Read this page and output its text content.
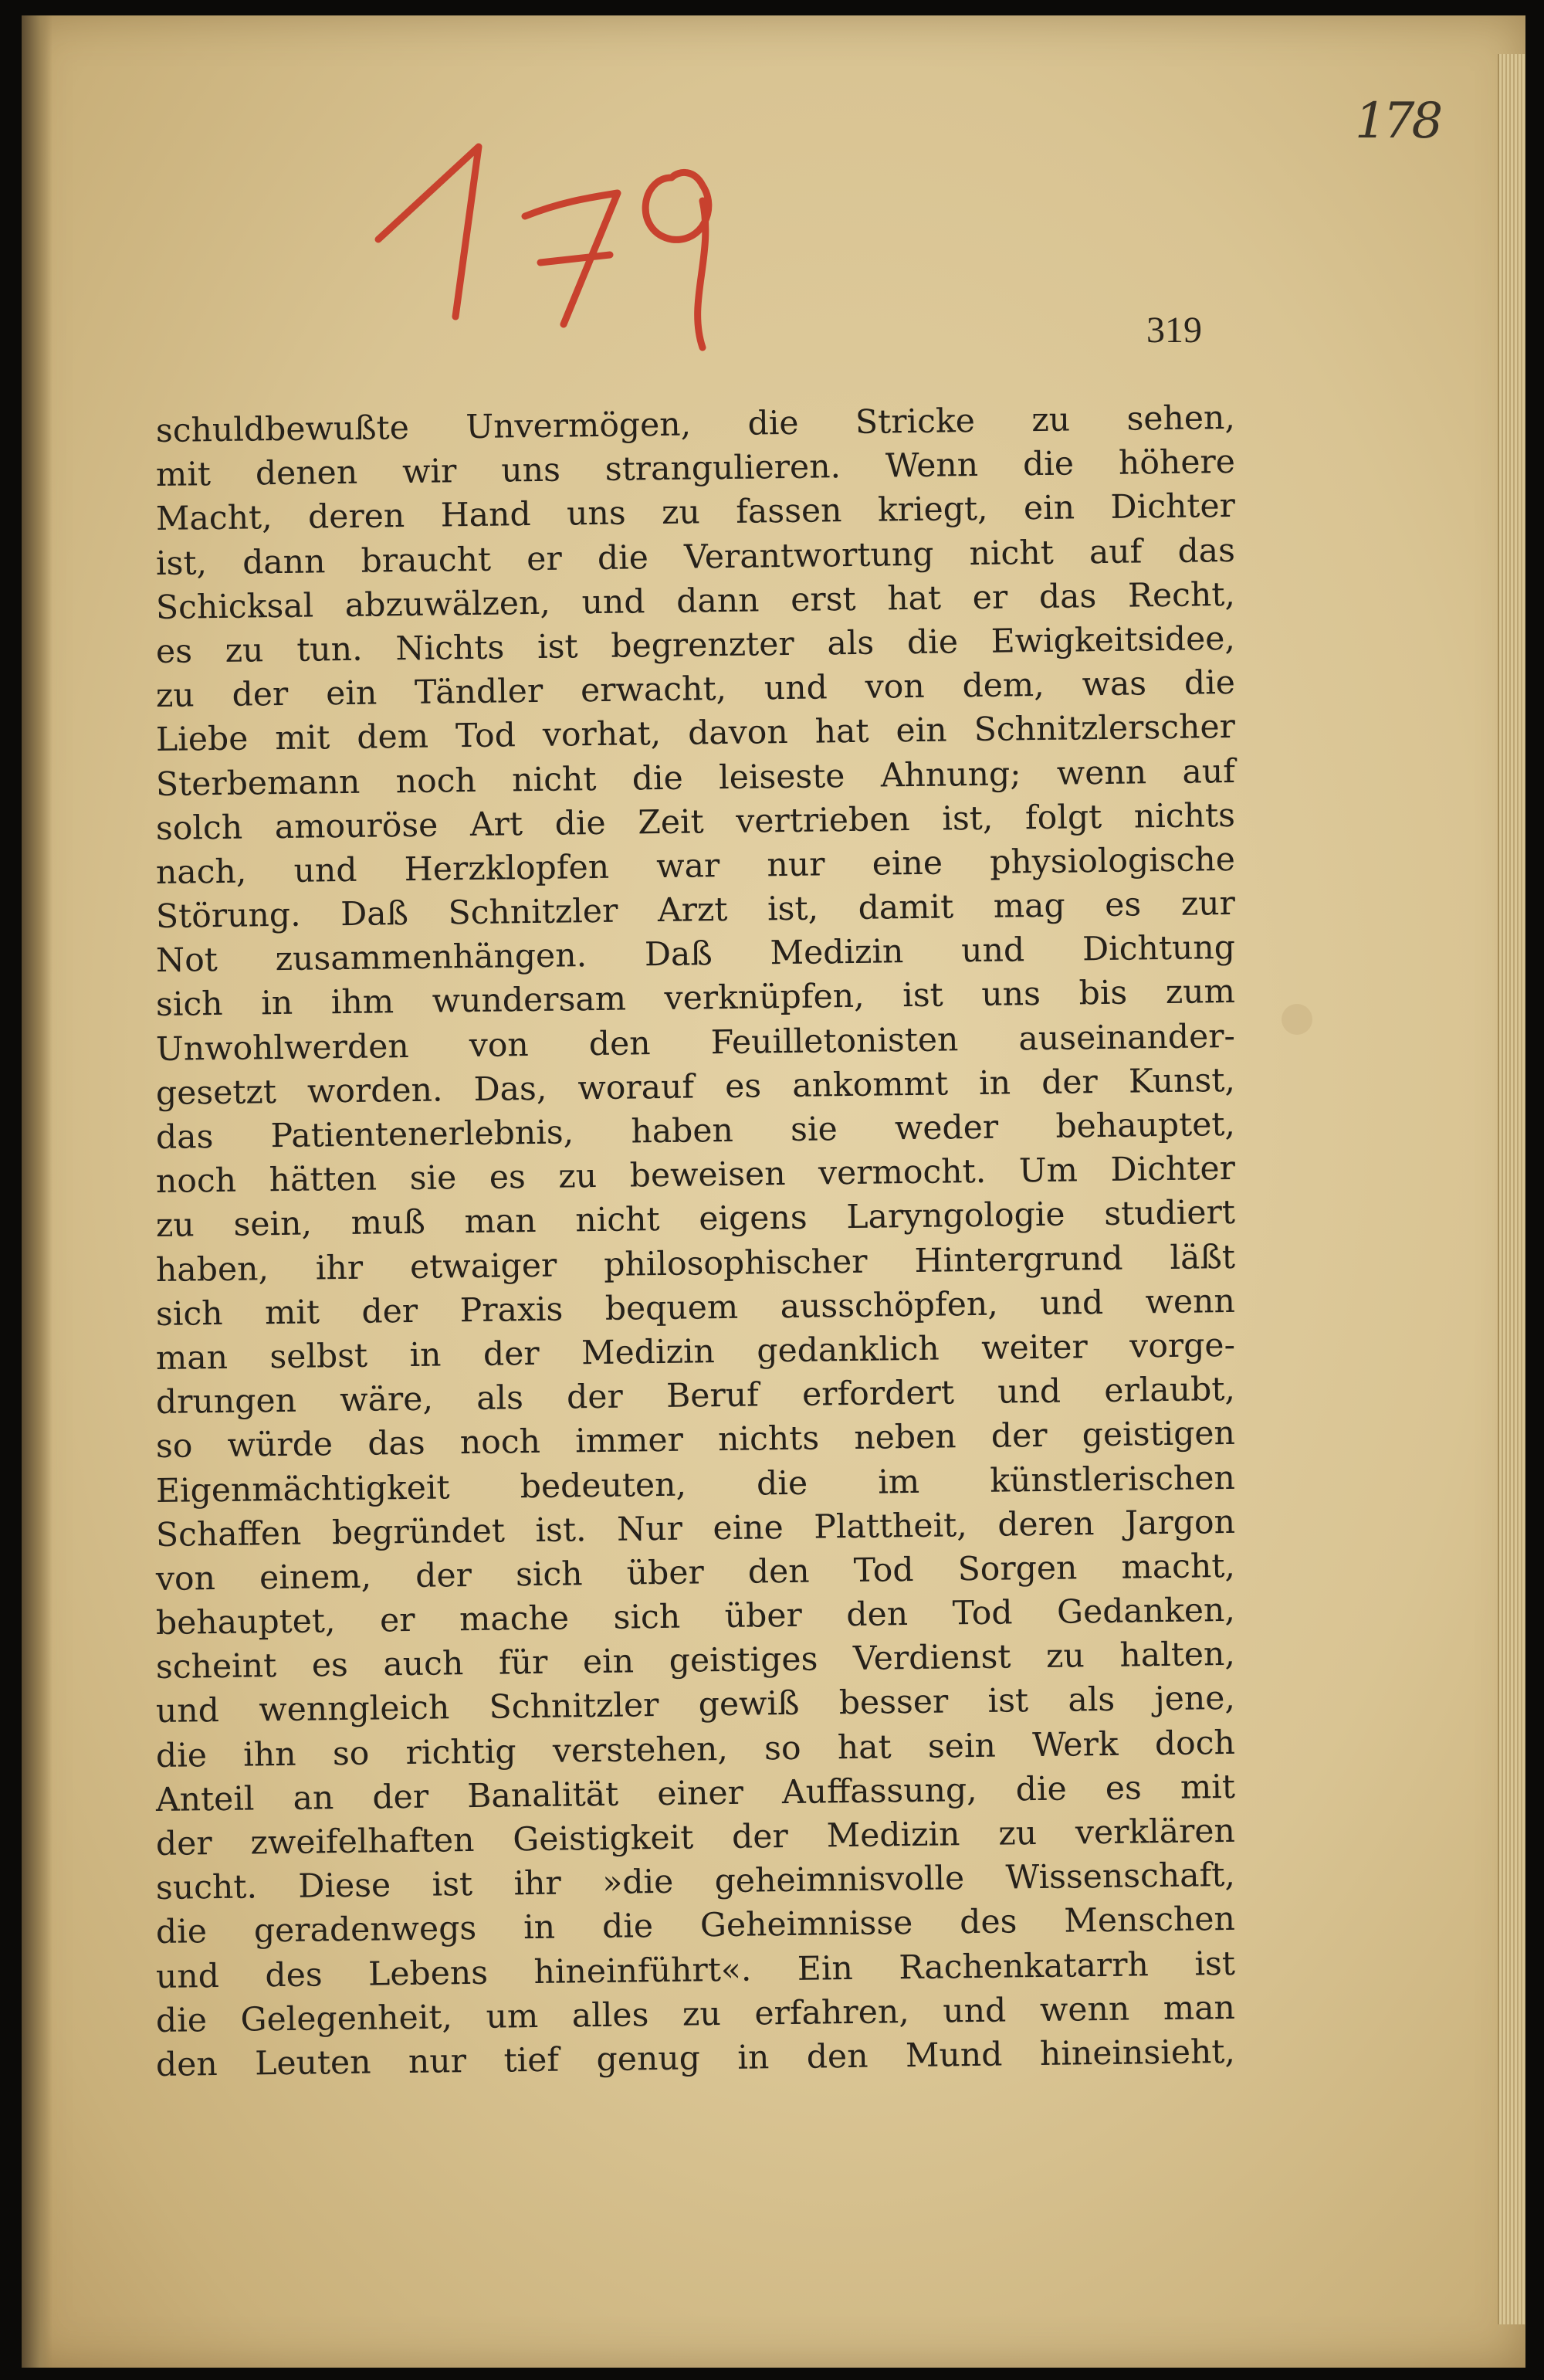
178
319
schuldbewußte Unvermögen, die Stricke zu sehen,
mit denen wir uns strangulieren. Wenn die höhere
Macht, deren Hand uns zu fassen kriegt, ein Dichter
ist, dann braucht er die Verantwortung nicht auf das
Schicksal abzuwälzen, und dann erst hat er das Recht,
es zu tun. Nichts ist begrenzter als die Ewigkeitsidee,
zu der ein Tändler erwacht, und von dem, was die
Liebe mit dem Tod vorhat, davon hat ein Schnitzlerscher
Sterbemann noch nicht die leiseste Ahnung; wenn auf
solch amouröse Art die Zeit vertrieben ist, folgt nichts
nach, und Herzklopfen war nur eine physiologische
Störung. Daß Schnitzler Arzt ist, damit mag es zur
Not zusammenhängen. Daß Medizin und Dichtung
sich in ihm wundersam verknüpfen, ist uns bis zum
Unwohlwerden von den Feuilletonisten auseinander-
gesetzt worden. Das, worauf es ankommt in der Kunst,
das Patientenerlebnis, haben sie weder behauptet,
noch hätten sie es zu beweisen vermocht. Um Dichter
zu sein, muß man nicht eigens Laryngologie studiert
haben, ihr etwaiger philosophischer Hintergrund läßt
sich mit der Praxis bequem ausschöpfen, und wenn
man selbst in der Medizin gedanklich weiter vorge-
drungen wäre, als der Beruf erfordert und erlaubt,
so würde das noch immer nichts neben der geistigen
Eigenmächtigkeit bedeuten, die im künstlerischen
Schaffen begründet ist. Nur eine Plattheit, deren Jargon
von einem, der sich über den Tod Sorgen macht,
behauptet, er mache sich über den Tod Gedanken,
scheint es auch für ein geistiges Verdienst zu halten,
und wenngleich Schnitzler gewiß besser ist als jene,
die ihn so richtig verstehen, so hat sein Werk doch
Anteil an der Banalität einer Auffassung, die es mit
der zweifelhaften Geistigkeit der Medizin zu verklären
sucht. Diese ist ihr »die geheimnisvolle Wissenschaft,
die geradenwegs in die Geheimnisse des Menschen
und des Lebens hineinführt«. Ein Rachenkatarrh ist
die Gelegenheit, um alles zu erfahren, und wenn man
den Leuten nur tief genug in den Mund hineinsieht,
